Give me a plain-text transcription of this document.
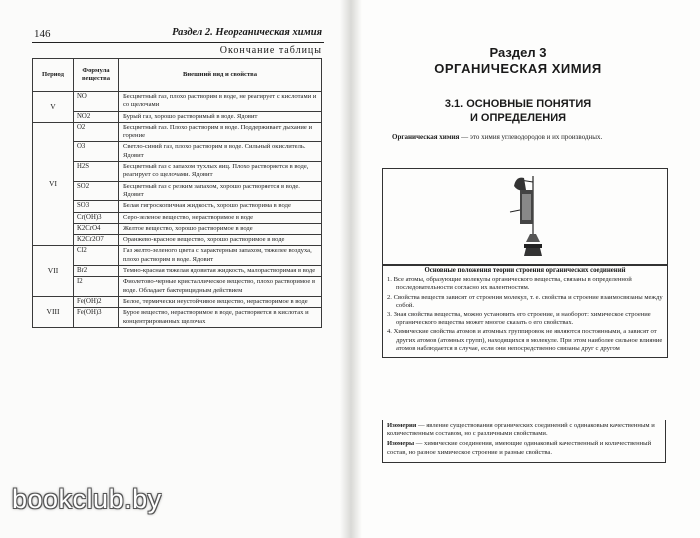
146	Раздел 2. Неорганическая химия
Окончание таблицы
Период	Формула вещества	Внешний вид и свойства
V	NO	Бесцветный газ, плохо растворим в воде, не реагирует с кислотами и со щелочами
	NO2	Бурый газ, хорошо растворимый в воде. Ядовит
VI	O2	Бесцветный газ. Плохо растворим в воде. Поддерживает дыхание и горение
	O3	Светло-синий газ, плохо растворим в воде. Сильный окислитель. Ядовит
	H2S	Бесцветный газ с запахом тухлых яиц. Плохо растворяется в воде, реагирует со щелочами. Ядовит
	SO2	Бесцветный газ с резким запахом, хорошо растворяется в воде. Ядовит
	SO3	Белая гигроскопичная жидкость, хорошо растворима в воде
	Cr(OH)3	Серо-зеленое вещество, нерастворимое в воде
	K2CrO4	Желтое вещество, хорошо растворимое в воде
	K2Cr2O7	Оранжево-красное вещество, хорошо растворимое в воде
VII	Cl2	Газ желто-зеленого цвета с характерным запахом, тяжелее воздуха, плохо растворим в воде. Ядовит
	Br2	Темно-красная тяжелая ядовитая жидкость, малорастворимая в воде
	I2	Фиолетово-черные кристаллическое вещество, плохо растворимое в воде. Обладает бактерицидным действием
VIII	Fe(OH)2	Белое, термически неустойчивое вещество, нерастворимое в воде
	Fe(OH)3	Бурое вещество, нерастворимое в воде, растворяется в кислотах и концентрированных щелочах
Раздел 3
ОРГАНИЧЕСКАЯ ХИМИЯ
3.1. ОСНОВНЫЕ ПОНЯТИЯ
И ОПРЕДЕЛЕНИЯ
Органическая химия — это химия углеводородов и их производных.
Основные положения теории строения органических соединений
1. Все атомы, образующие молекулы органического вещества, связаны в определенной последовательности согласно их валентностям.
2. Свойства веществ зависят от строения молекул, т. е. свойства и строение взаимосвязаны между собой.
3. Зная свойства вещества, можно установить его строение, и наоборот: химическое строение органического вещества может многое сказать о его свойствах.
4. Химические свойства атомов и атомных группировок не являются постоянными, а зависят от других атомов (атомных групп), находящихся в молекуле. При этом наиболее сильное влияние атомов наблюдается в случае, если они непосредственно связаны друг с другом

Изомерия — явление существования органических соединений с одинаковым качественным и количественным составом, но с различными свойствами.

Изомеры — химические соединения, имеющие одинаковый качественный и количественный состав, но разное химическое строение и разные свойства.

bookclub.by
